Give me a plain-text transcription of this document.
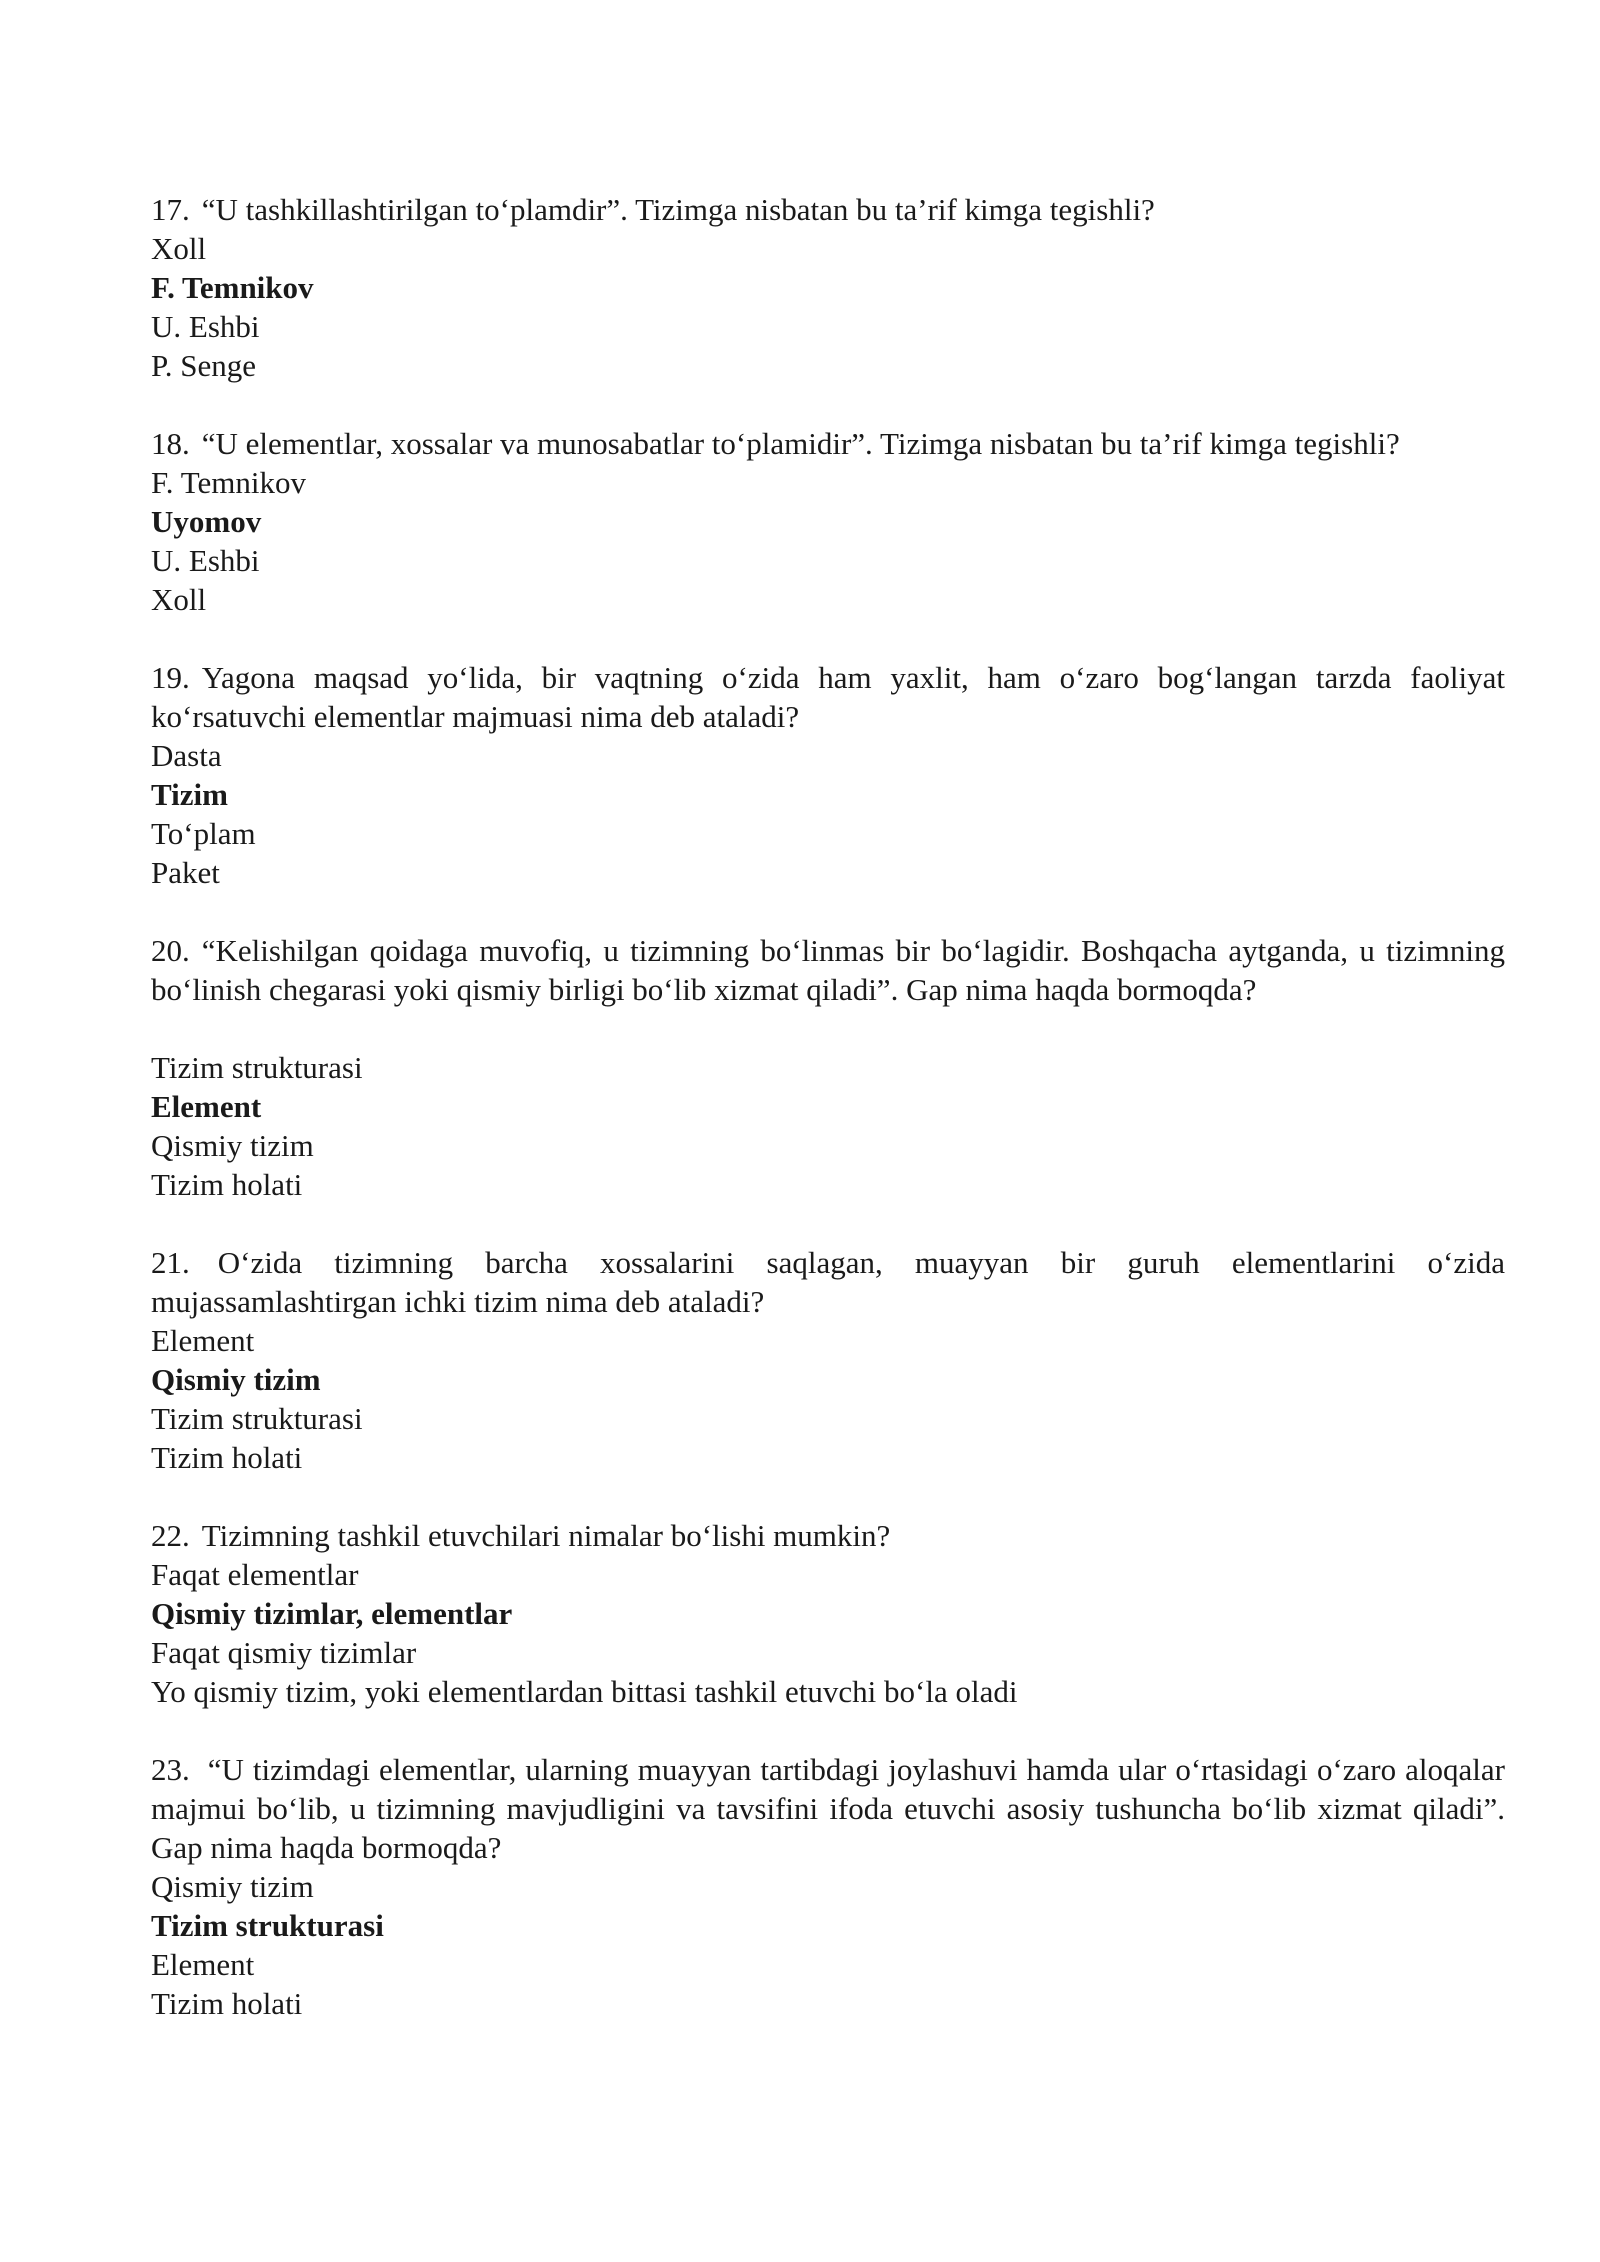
17. “U tashkillashtirilgan to‘plamdir”. Tizimga nisbatan bu ta’rif kimga tegishli?
Xoll
F. Temnikov
U. Eshbi
P. Senge
18. “U elementlar, xossalar va munosabatlar to‘plamidir”. Tizimga nisbatan bu ta’rif kimga tegishli?
F. Temnikov
Uyomov
U. Eshbi
Xoll
19. Yagona maqsad yo‘lida, bir vaqtning o‘zida ham yaxlit, ham o‘zaro bog‘langan tarzda faoliyat ko‘rsatuvchi elementlar majmuasi nima deb ataladi?
Dasta
Tizim
To‘plam
Paket
20. “Kelishilgan qoidaga muvofiq, u tizimning bo‘linmas bir bo‘lagidir. Boshqacha aytganda, u tizimning bo‘linish chegarasi yoki qismiy birligi bo‘lib xizmat qiladi”. Gap nima haqda bormoqda?
Tizim strukturasi
Element
Qismiy tizim
Tizim holati
21. O‘zida tizimning barcha xossalarini saqlagan, muayyan bir guruh elementlarini o‘zida mujassamlashtirgan ichki tizim nima deb ataladi?
Element
Qismiy tizim
Tizim strukturasi
Tizim holati
22. Tizimning tashkil etuvchilari nimalar bo‘lishi mumkin?
Faqat elementlar
Qismiy tizimlar, elementlar
Faqat qismiy tizimlar
Yo qismiy tizim, yoki elementlardan bittasi tashkil etuvchi bo‘la oladi
23. “U tizimdagi elementlar, ularning muayyan tartibdagi joylashuvi hamda ular o‘rtasidagi o‘zaro aloqalar majmui bo‘lib, u tizimning mavjudligini va tavsifini ifoda etuvchi asosiy tushuncha bo‘lib xizmat qiladi”. Gap nima haqda bormoqda?
Qismiy tizim
Tizim strukturasi
Element
Tizim holati
